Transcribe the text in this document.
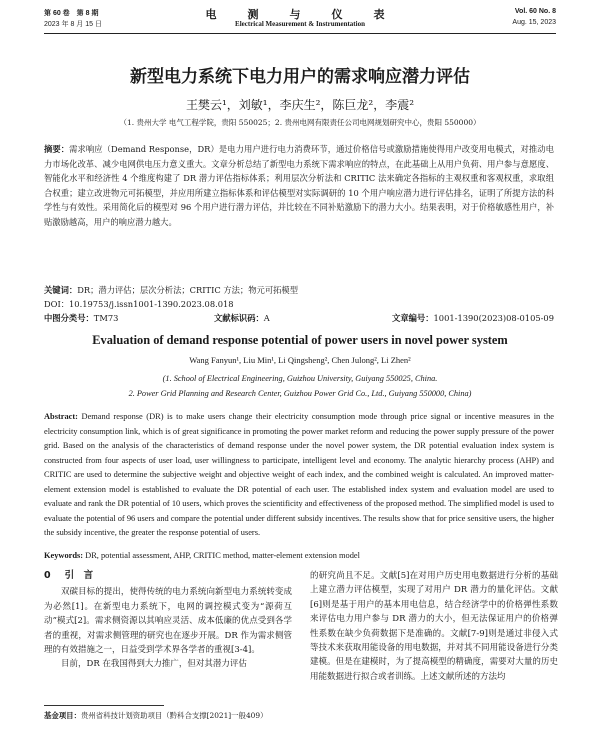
第 60 卷　第 8 期
2023 年 8 月 15 日
电　测　与　仪　表
Electrical Measurement & Instrumentation
Vol. 60 No. 8
Aug. 15, 2023
新型电力系统下电力用户的需求响应潜力评估
王樊云¹，刘敏¹，李庆生²，陈巨龙²，李震²
（1. 贵州大学 电气工程学院，贵阳 550025；2. 贵州电网有限责任公司电网规划研究中心，贵阳 550000）

摘要：需求响应（Demand Response，DR）是电力用户进行电力消费环节，通过价格信号或激励措施使得用户改变用电模式，对推动电力市场化改革、减少电网供电压力意义重大。文章分析总结了新型电力系统下需求响应的特点，在此基础上从用户负荷、用户参与意愿度、智能化水平和经济性 4 个维度构建了 DR 潜力评估指标体系；利用层次分析法和 CRITIC 法来确定各指标的主观权重和客观权重，求取组合权重；建立改进物元可拓模型，并应用所建立指标体系和评估模型对实际调研的 10 个用户响应潜力进行评估排名，证明了所提方法的科学性与有效性。采用简化后的模型对 96 个用户进行潜力评估，并比较在不同补贴激励下的潜力大小。结果表明，对于价格敏感性用户，补贴激励越高，用户的响应潜力越大。

关键词：DR；潜力评估；层次分析法；CRITIC 方法；物元可拓模型

DOI：10.19753/j.issn1001-1390.2023.08.018

中图分类号：TM73	文献标识码：A	文章编号：1001-1390(2023)08-0105-09
Evaluation of demand response potential of power users in novel power system
Wang Fanyun¹, Liu Min¹, Li Qingsheng², Chen Julong², Li Zhen²
(1. School of Electrical Engineering, Guizhou University, Guiyang 550025, China.
2. Power Grid Planning and Research Center, Guizhou Power Grid Co., Ltd., Guiyang 550000, China)

Abstract: Demand response (DR) is to make users change their electricity consumption mode through price signal or incentive measures in the electricity consumption link, which is of great significance in promoting the power market reform and reducing the power supply pressure of the power grid. Based on the analysis of the characteristics of demand response under the novel power system, the DR potential evaluation index system is constructed from four aspects of user load, user willingness to participate, intelligent level and economy. The analytic hierarchy process (AHP) and CRITIC are used to determine the subjective weight and objective weight of each index, and the combined weight is calculated. An improved matter-element extension model is established to evaluate the DR potential of each user. The established index system and evaluation model are used to evaluate and rank the DR potential of 10 users, which proves the scientificity and effectiveness of the proposed method. The simplified model is used to evaluate the potential of 96 users and compare the potential under different subsidy incentives. The results show that for price sensitive users, the higher the subsidy incentive, the greater the response potential of users.

Keywords: DR, potential assessment, AHP, CRITIC method, matter-element extension model

0 引　言

双碳目标的提出，使得传统的电力系统向新型电力系统转变成为必然[1]。在新型电力系统下，电网的调控模式变为“源荷互动”模式[2]。需求侧资源以其响应灵活、成本低廉的优点受到各学者的重视，对需求侧管理的研究也在逐步开展。DR 作为需求侧管理的有效措施之一，日益受到学术界各学者的重视[3-4]。

目前，DR 在我国得到大力推广，但对其潜力评估

的研究尚且不足。文献[5]在对用户历史用电数据进行分析的基础上建立潜力评估模型，实现了对用户 DR 潜力的量化评估。文献[6]则是基于用户的基本用电信息，结合经济学中的价格弹性系数来评估电力用户参与 DR 潜力的大小，但无法保证用户的价格弹性系数在缺少负荷数据下是准确的。文献[7-9]则是通过非侵入式等技术来获取用能设备的用电数据，并对其不同用能设备进行分类建模。但是在建模时，为了提高模型的精确度，需要对大量的历史用能数据进行拟合或者训练。上述文献所述的方法均

基金项目：贵州省科技计划资助项目（黔科合支撑[2021]一般409）
